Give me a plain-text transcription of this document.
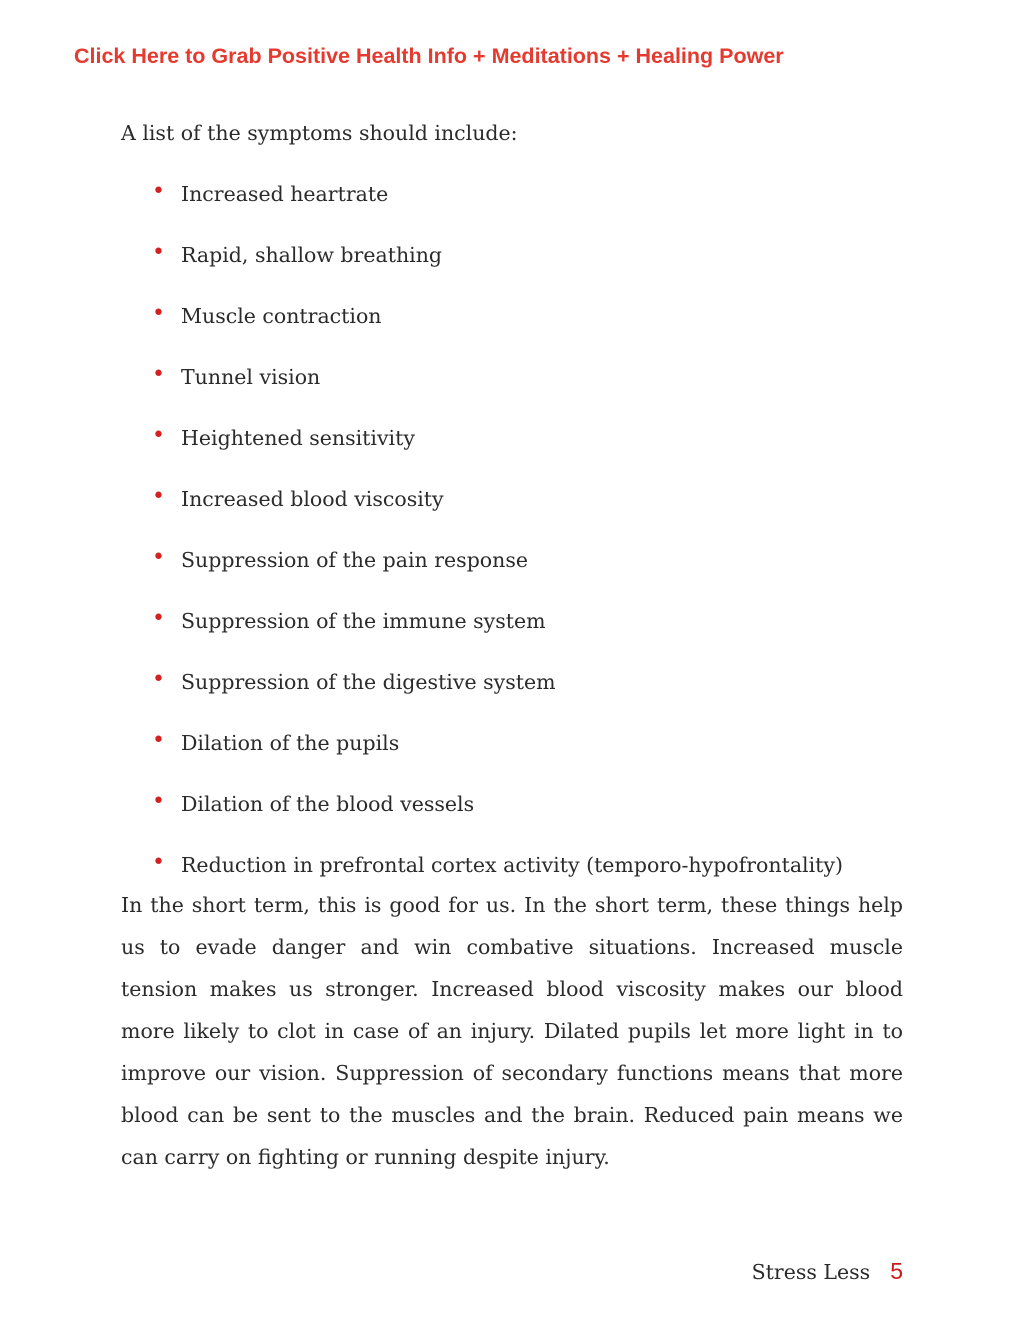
Click Here to Grab Positive Health Info + Meditations + Healing Power

A list of the symptoms should include:

• Increased heartrate
• Rapid, shallow breathing
• Muscle contraction
• Tunnel vision
• Heightened sensitivity
• Increased blood viscosity
• Suppression of the pain response
• Suppression of the immune system
• Suppression of the digestive system
• Dilation of the pupils
• Dilation of the blood vessels
• Reduction in prefrontal cortex activity (temporo-hypofrontality)

In the short term, this is good for us. In the short term, these things help us to evade danger and win combative situations. Increased muscle tension makes us stronger. Increased blood viscosity makes our blood more likely to clot in case of an injury. Dilated pupils let more light in to improve our vision. Suppression of secondary functions means that more blood can be sent to the muscles and the brain. Reduced pain means we can carry on fighting or running despite injury.

Stress Less 5
